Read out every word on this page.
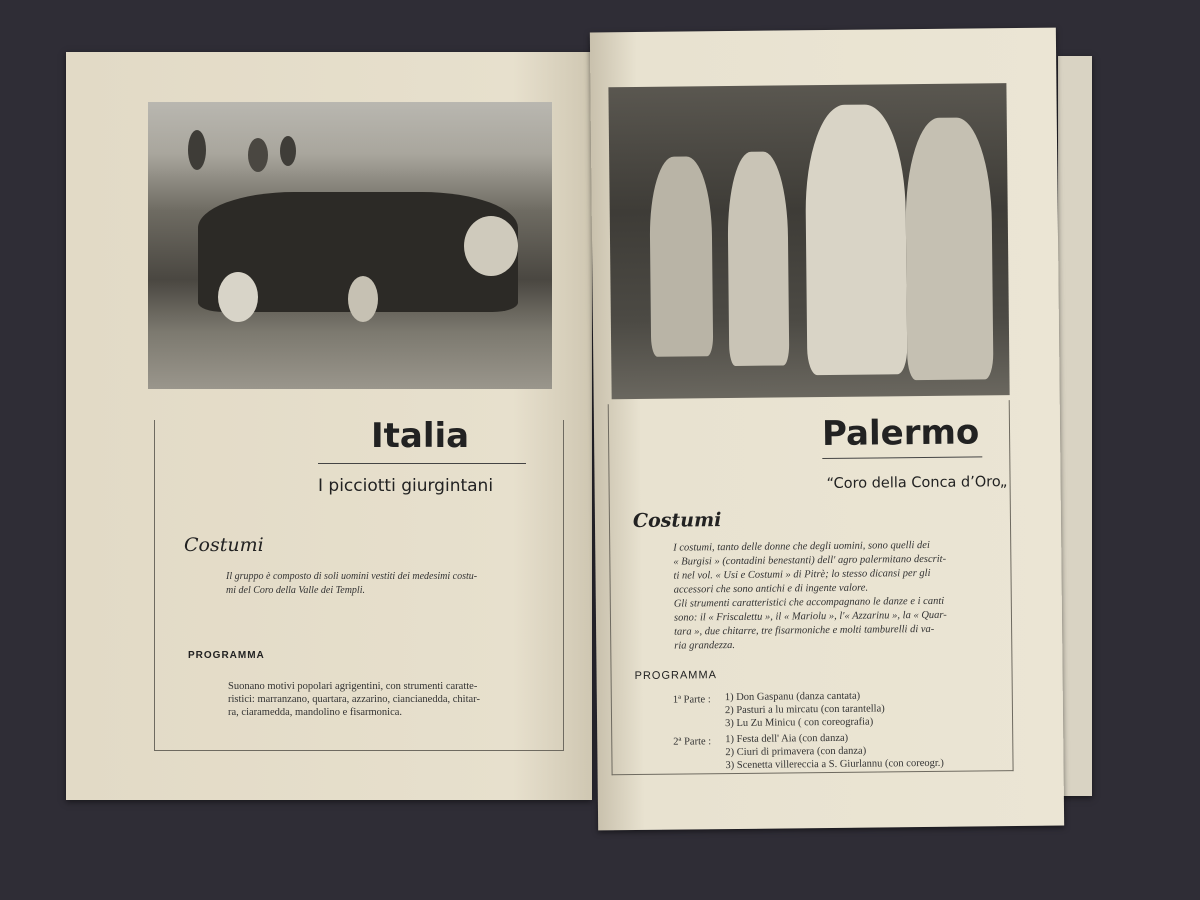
Italia
I picciotti giurgintani
Costumi
Il gruppo è composto di soli uomini vestiti dei medesimi costu-
mi del Coro della Valle dei Templi.
PROGRAMMA
Suonano motivi popolari agrigentini, con strumenti caratte-
ristici: marranzano, quartara, azzarino, ciancianedda, chitar-
ra, ciaramedda, mandolino e fisarmonica.
Palermo
“Coro della Conca d’Oro„
Costumi
I costumi, tanto delle donne che degli uomini, sono quelli dei
« Burgisi » (contadini benestanti) dell' agro palermitano descrit-
ti nel vol. « Usi e Costumi » di Pitrè; lo stesso dicansi per gli
accessori che sono antichi e di ingente valore.
Gli strumenti caratteristici che accompagnano le danze e i canti
sono: il « Friscalettu », il « Mariolu », l'« Azzarinu », la « Quar-
tara », due chitarre, tre fisarmoniche e molti tamburelli di va-
ria grandezza.
PROGRAMMA
1ª Parte : 1) Don Gaspanu (danza cantata)
2) Pasturi a lu mircatu (con tarantella)
3) Lu Zu Minicu ( con coreografia)
2ª Parte : 1) Festa dell' Aia (con danza)
2) Ciuri di primavera (con danza)
3) Scenetta villereccia a S. Giurlannu (con coreogr.)
